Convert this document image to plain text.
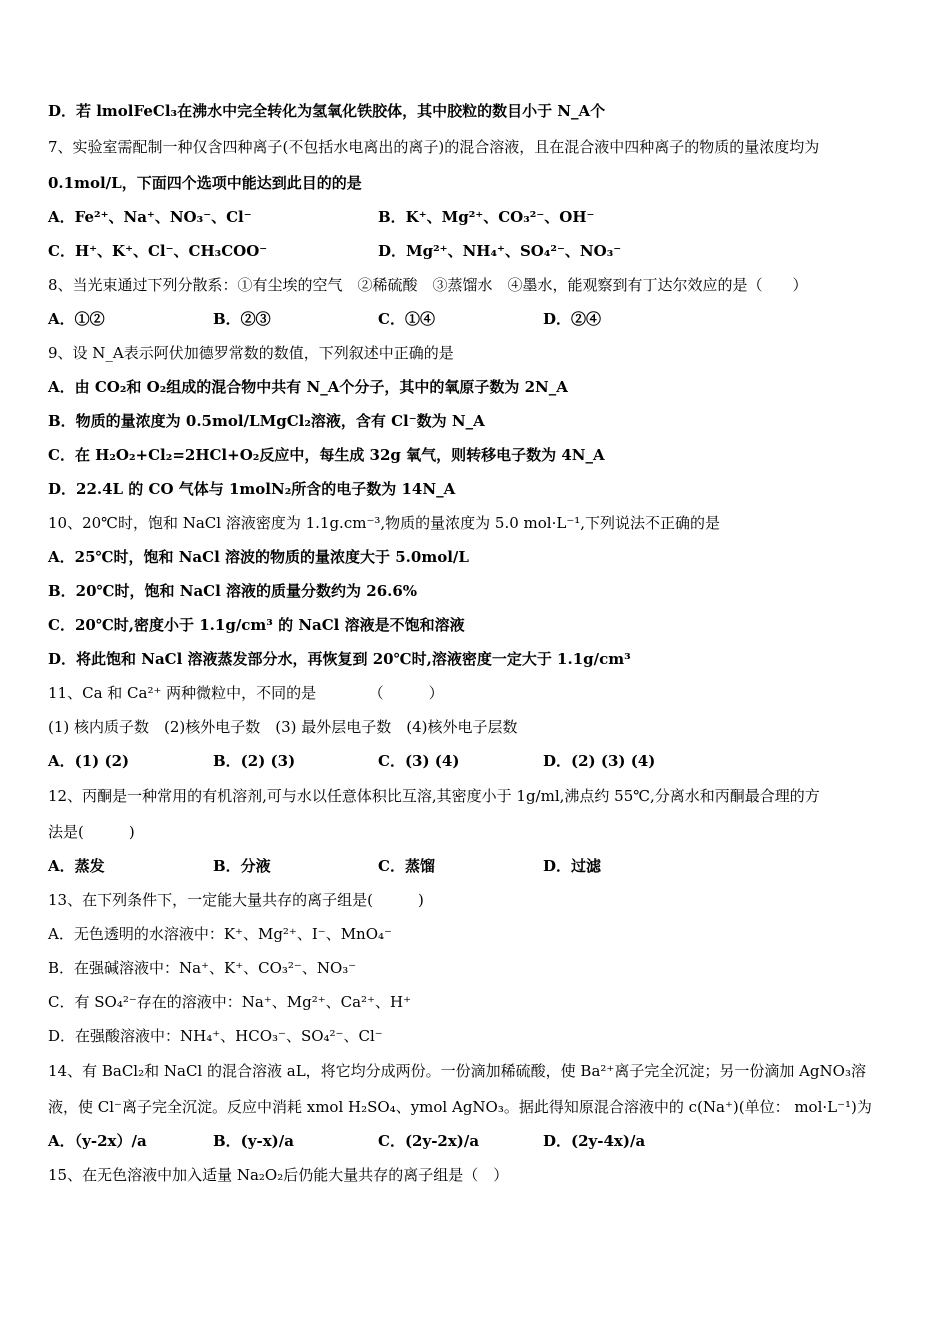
D．若 lmolFeCl₃在沸水中完全转化为氢氧化铁胶体，其中胶粒的数目小于 N_A个
7、实验室需配制一种仅含四种离子(不包括水电离出的离子)的混合溶液，且在混合液中四种离子的物质的量浓度均为
0.1mol/L，下面四个选项中能达到此目的的是
A．Fe²⁺、Na⁺、NO₃⁻、Cl⁻	B．K⁺、Mg²⁺、CO₃²⁻、OH⁻
C．H⁺、K⁺、Cl⁻、CH₃COO⁻	D．Mg²⁺、NH₄⁺、SO₄²⁻、NO₃⁻
8、当光束通过下列分散系：①有尘埃的空气　②稀硫酸　③蒸馏水　④墨水，能观察到有丁达尔效应的是（　　）
A．①②	B．②③	C．①④	D．②④
9、设 N_A表示阿伏加德罗常数的数值，下列叙述中正确的是
A．由 CO₂和 O₂组成的混合物中共有 N_A个分子，其中的氧原子数为 2N_A
B．物质的量浓度为 0.5mol/LMgCl₂溶液，含有 Cl⁻数为 N_A
C．在 H₂O₂+Cl₂=2HCl+O₂反应中，每生成 32g 氧气，则转移电子数为 4N_A
D．22.4L 的 CO 气体与 1molN₂所含的电子数为 14N_A
10、20℃时，饱和 NaCl 溶液密度为 1.1g.cm⁻³,物质的量浓度为 5.0 mol·L⁻¹,下列说法不正确的是
A．25℃时，饱和 NaCl 溶波的物质的量浓度大于 5.0mol/L
B．20℃时，饱和 NaCl 溶液的质量分数约为 26.6%
C．20℃时,密度小于 1.1g/cm³ 的 NaCl 溶液是不饱和溶液
D．将此饱和 NaCl 溶液蒸发部分水，再恢复到 20℃时,溶液密度一定大于 1.1g/cm³
11、Ca 和 Ca²⁺ 两种微粒中，不同的是　　　　（　　　）
(1) 核内质子数　(2)核外电子数　(3) 最外层电子数　(4)核外电子层数
A．(1) (2)	B．(2) (3)	C．(3) (4)	D．(2) (3) (4)
12、丙酮是一种常用的有机溶剂,可与水以任意体积比互溶,其密度小于 1g/ml,沸点约 55℃,分离水和丙酮最合理的方
法是(　　　)
A．蒸发	B．分液	C．蒸馏	D．过滤
13、在下列条件下，一定能大量共存的离子组是(　　　)
A．无色透明的水溶液中：K⁺、Mg²⁺、I⁻、MnO₄⁻
B．在强碱溶液中：Na⁺、K⁺、CO₃²⁻、NO₃⁻
C．有 SO₄²⁻存在的溶液中：Na⁺、Mg²⁺、Ca²⁺、H⁺
D．在强酸溶液中：NH₄⁺、HCO₃⁻、SO₄²⁻、Cl⁻
14、有 BaCl₂和 NaCl 的混合溶液 aL，将它均分成两份。一份滴加稀硫酸，使 Ba²⁺离子完全沉淀；另一份滴加 AgNO₃溶
液，使 Cl⁻离子完全沉淀。反应中消耗 xmol H₂SO₄、ymol AgNO₃。据此得知原混合溶液中的 c(Na⁺)(单位： mol·L⁻¹)为
A．（y-2x）/a	B．(y-x)/a	C．(2y-2x)/a	D．(2y-4x)/a
15、在无色溶液中加入适量 Na₂O₂后仍能大量共存的离子组是（　）
